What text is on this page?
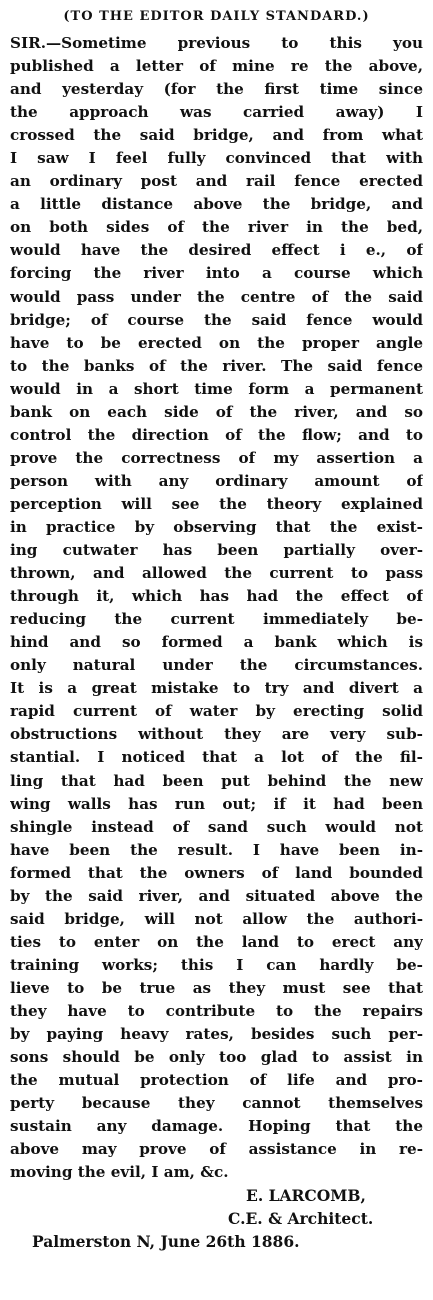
(TO THE EDITOR DAILY STANDARD.)
SIR.—Sometime previous to this you
published a letter of mine re the above,
and yesterday (for the first time since
the approach was carried away) I
crossed the said bridge, and from what
I saw I feel fully convinced that with
an ordinary post and rail fence erected
a little distance above the bridge, and
on both sides of the river in the bed,
would have the desired effect i e., of
forcing the river into a course which
would pass under the centre of the said
bridge; of course the said fence would
have to be erected on the proper angle
to the banks of the river. The said fence
would in a short time form a permanent
bank on each side of the river, and so
control the direction of the flow; and to
prove the correctness of my assertion a
person with any ordinary amount of
perception will see the theory explained
in practice by observing that the exist-
ing cutwater has been partially over-
thrown, and allowed the current to pass
through it, which has had the effect of
reducing the current immediately be-
hind and so formed a bank which is
only natural under the circumstances.
It is a great mistake to try and divert a
rapid current of water by erecting solid
obstructions without they are very sub-
stantial. I noticed that a lot of the fil-
ling that had been put behind the new
wing walls has run out; if it had been
shingle instead of sand such would not
have been the result. I have been in-
formed that the owners of land bounded
by the said river, and situated above the
said bridge, will not allow the authori-
ties to enter on the land to erect any
training works; this I can hardly be-
lieve to be true as they must see that
they have to contribute to the repairs
by paying heavy rates, besides such per-
sons should be only too glad to assist in
the mutual protection of life and pro-
perty because they cannot themselves
sustain any damage. Hoping that the
above may prove of assistance in re-
moving the evil, I am, &c.
E. LARCOMB,
C.E. & Architect.
Palmerston N, June 26th 1886.
